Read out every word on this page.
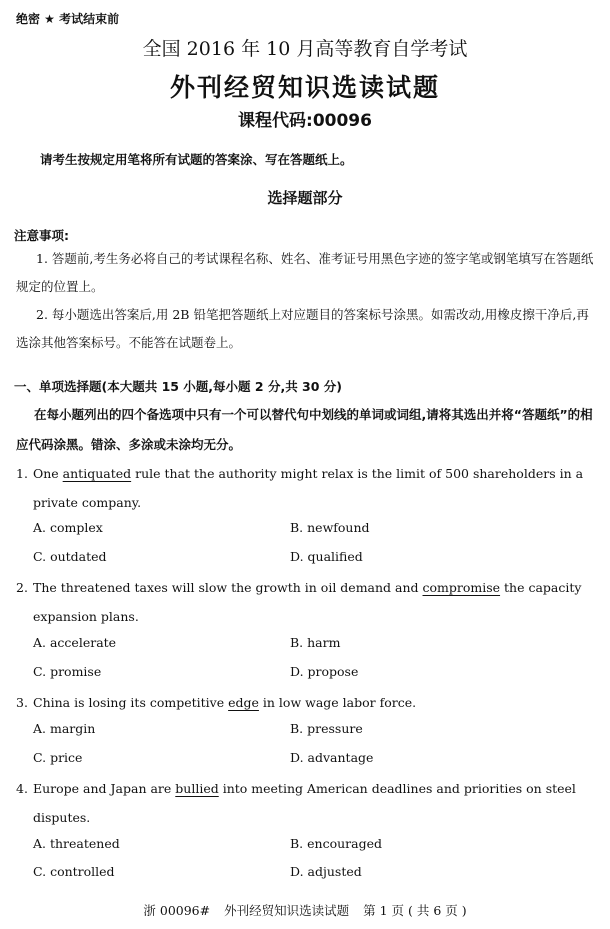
绝密 ★ 考试结束前
全国 2016 年 10 月高等教育自学考试
外刊经贸知识选读试题
课程代码:00096
请考生按规定用笔将所有试题的答案涂、写在答题纸上。
选择题部分
注意事项:
1. 答题前,考生务必将自己的考试课程名称、姓名、准考证号用黑色字迹的签字笔或钢笔填写在答题纸规定的位置上。
2. 每小题选出答案后,用 2B 铅笔把答题纸上对应题目的答案标号涂黑。如需改动,用橡皮擦干净后,再选涂其他答案标号。不能答在试题卷上。
一、单项选择题(本大题共 15 小题,每小题 2 分,共 30 分)
在每小题列出的四个备选项中只有一个可以替代句中划线的单词或词组,请将其选出并将“答题纸”的相应代码涂黑。错涂、多涂或未涂均无分。
1. One antiquated rule that the authority might relax is the limit of 500 shareholders in a
private company.
A. complex	B. newfound
C. outdated	D. qualified
2. The threatened taxes will slow the growth in oil demand and compromise the capacity
expansion plans.
A. accelerate	B. harm
C. promise	D. propose
3. China is losing its competitive edge in low wage labor force.
A. margin	B. pressure
C. price	D. advantage
4. Europe and Japan are bullied into meeting American deadlines and priorities on steel
disputes.
A. threatened	B. encouraged
C. controlled	D. adjusted
浙 00096# 外刊经贸知识选读试题 第 1 页 ( 共 6 页 )
